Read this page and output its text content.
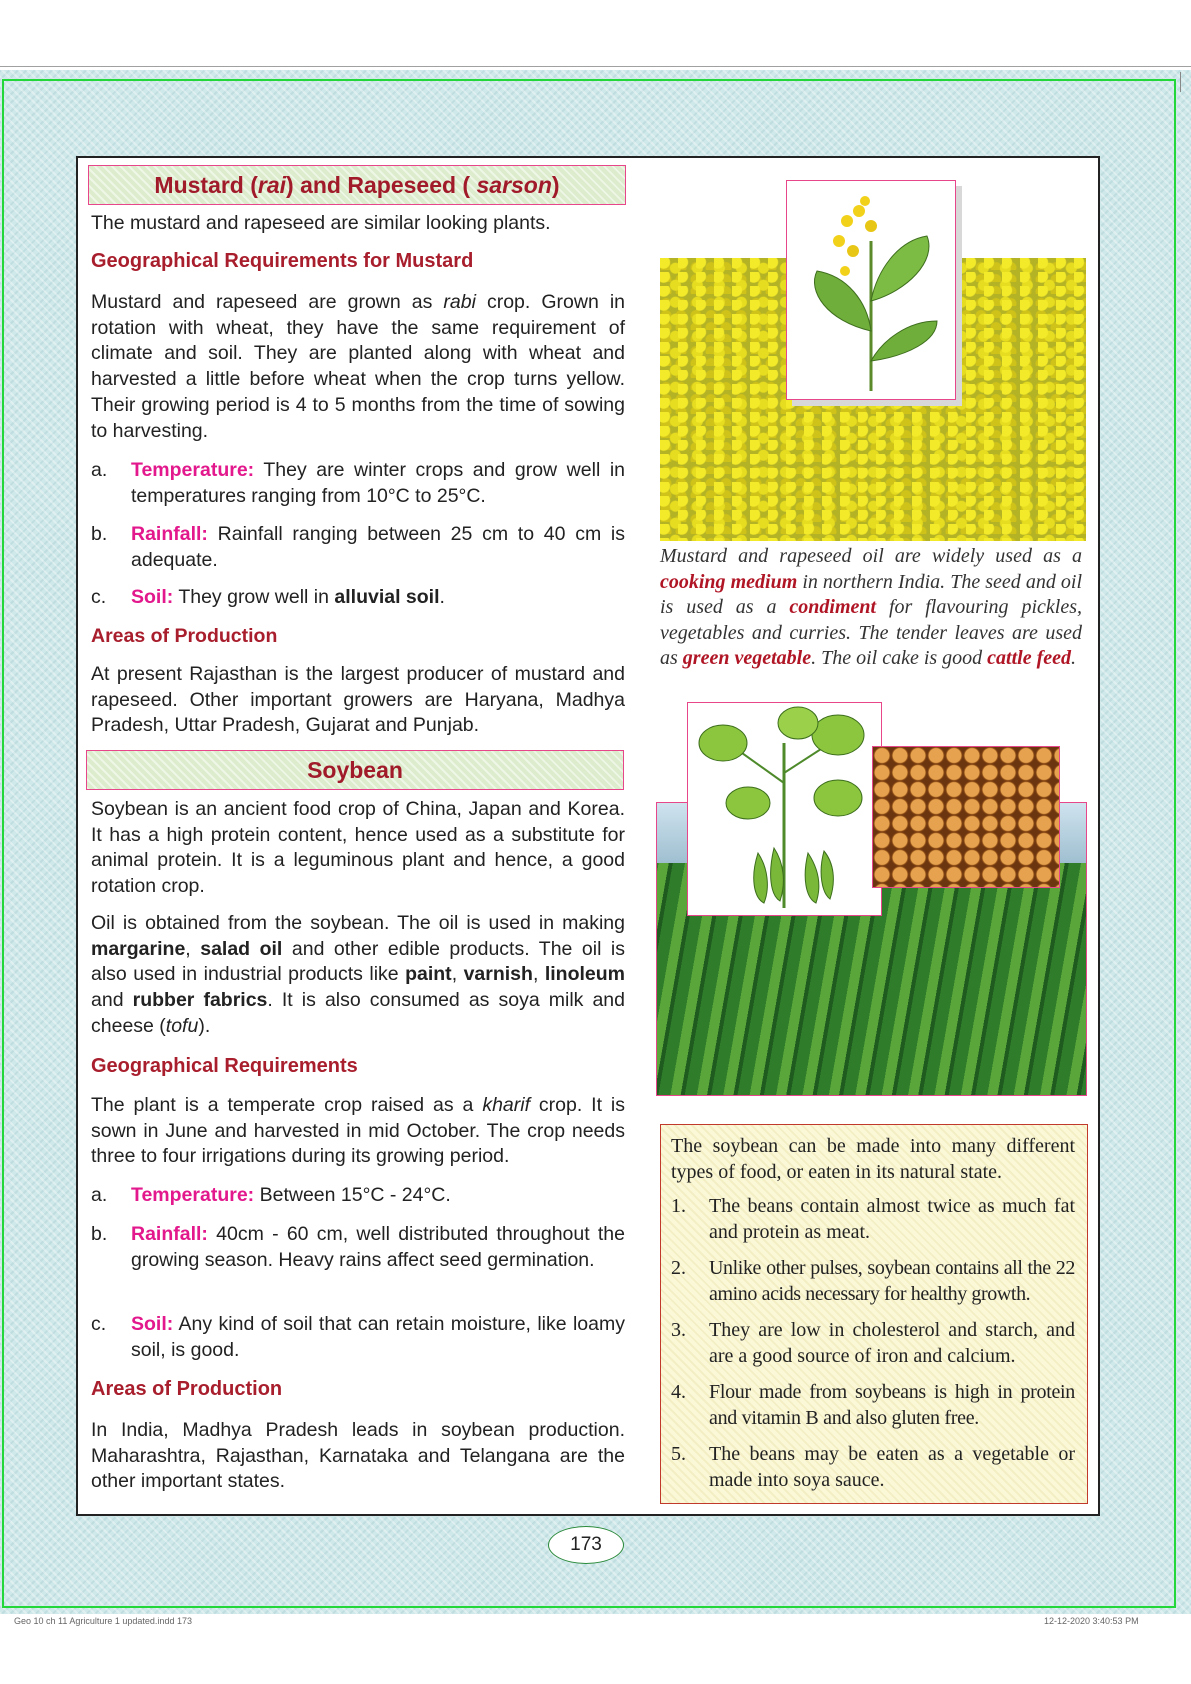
Mustard ( rai ) and Rapeseed (
sarson )
The mustard and rapeseed are similar looking plants.
Geographical Requirements for Mustard
Mustard and rapeseed are grown as rabi crop. Grown in rotation with wheat, they have the same requirement of climate and soil. They are planted along with wheat and harvested a little before wheat when the crop turns yellow. Their growing period is 4 to 5 months from the time of sowing to harvesting.
a. Temperature: They are winter crops and grow well in temperatures ranging from 10°C to 25°C.
b. Rainfall: Rainfall ranging between 25 cm to 40 cm is adequate.
c. Soil: They grow well in alluvial soil.
Areas of Production
At present Rajasthan is the largest producer of mustard and rapeseed. Other important growers are Haryana, Madhya Pradesh, Uttar Pradesh, Gujarat and Punjab.
Soybean
Soybean is an ancient food crop of China, Japan and Korea. It has a high protein content, hence used as a substitute for animal protein. It is a leguminous plant and hence, a good rotation crop.
Oil is obtained from the soybean. The oil is used in making margarine, salad oil and other edible products. The oil is also used in industrial products like paint, varnish, linoleum and rubber fabrics. It is also consumed as soya milk and cheese (tofu).
Geographical Requirements
The plant is a temperate crop raised as a kharif crop. It is sown in June and harvested in mid October. The crop needs three to four irrigations during its growing period.
a. Temperature: Between 15°C - 24°C.
b. Rainfall: 40cm - 60 cm, well distributed throughout the growing season. Heavy rains affect seed germination.
c. Soil: Any kind of soil that can retain moisture, like loamy soil, is good.
Areas of Production
In India, Madhya Pradesh leads in soybean production. Maharashtra, Rajasthan, Karnataka and Telangana are the other important states.
Mustard and rapeseed oil are widely used as a cooking medium in northern India. The seed and oil is used as a condiment for flavouring pickles, vegetables and curries. The tender leaves are used as green vegetable. The oil cake is good cattle feed.
The soybean can be made into many different types of food, or eaten in its natural state.
1. The beans contain almost twice as much fat and protein as meat.
2. Unlike other pulses, soybean contains all the 22 amino acids necessary for healthy growth.
3. They are low in cholesterol and starch, and are a good source of iron and calcium.
4. Flour made from soybeans is high in protein and vitamin B and also gluten free.
5. The beans may be eaten as a vegetable or made into soya sauce.
173
Geo 10 ch 11 Agriculture 1 updated.indd 173	12-12-2020 3:40:53 PM
